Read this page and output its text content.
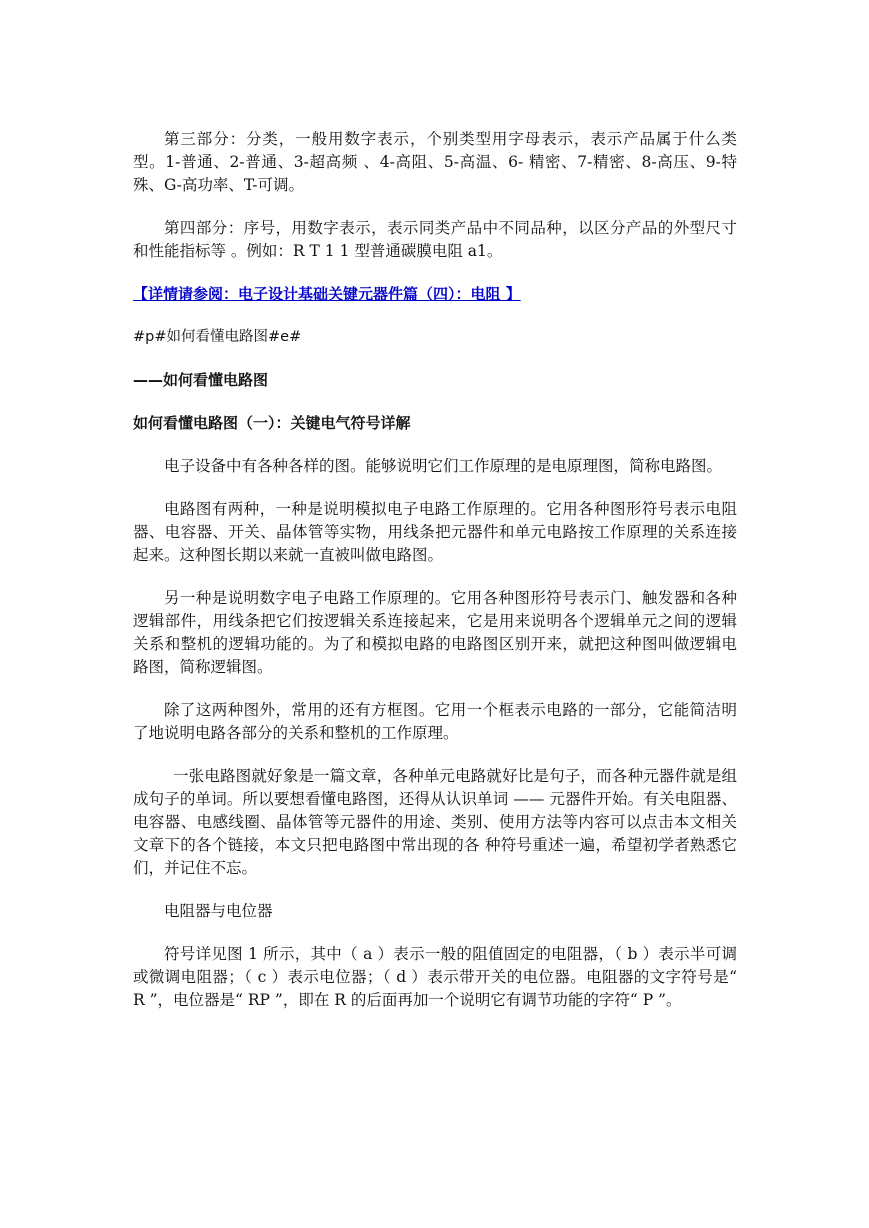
第三部分：分类，一般用数字表示，个别类型用字母表示，表示产品属于什么类型。1-普通、2-普通、3-超高频 、4-高阻、5-高温、6- 精密、7-精密、8-高压、9-特殊、G-高功率、T-可调。

第四部分：序号，用数字表示，表示同类产品中不同品种，以区分产品的外型尺寸和性能指标等 。例如：R T 1 1 型普通碳膜电阻 a1。

【详情请参阅：电子设计基础关键元器件篇（四）：电阻 】

#p#如何看懂电路图#e#

——如何看懂电路图

如何看懂电路图（一）：关键电气符号详解

电子设备中有各种各样的图。能够说明它们工作原理的是电原理图，简称电路图。

电路图有两种，一种是说明模拟电子电路工作原理的。它用各种图形符号表示电阻器、电容器、开关、晶体管等实物，用线条把元器件和单元电路按工作原理的关系连接起来。这种图长期以来就一直被叫做电路图。

另一种是说明数字电子电路工作原理的。它用各种图形符号表示门、触发器和各种逻辑部件，用线条把它们按逻辑关系连接起来，它是用来说明各个逻辑单元之间的逻辑关系和整机的逻辑功能的。为了和模拟电路的电路图区别开来，就把这种图叫做逻辑电路图，简称逻辑图。

除了这两种图外，常用的还有方框图。它用一个框表示电路的一部分，它能简洁明了地说明电路各部分的关系和整机的工作原理。

一张电路图就好象是一篇文章，各种单元电路就好比是句子，而各种元器件就是组成句子的单词。所以要想看懂电路图，还得从认识单词 —— 元器件开始。有关电阻器、电容器、电感线圈、晶体管等元器件的用途、类别、使用方法等内容可以点击本文相关文章下的各个链接，本文只把电路图中常出现的各 种符号重述一遍，希望初学者熟悉它们，并记住不忘。

电阻器与电位器

符号详见图 1 所示，其中（ a ）表示一般的阻值固定的电阻器，（ b ）表示半可调或微调电阻器；（ c ）表示电位器；（ d ）表示带开关的电位器。电阻器的文字符号是“ R ”，电位器是“ RP ”，即在 R 的后面再加一个说明它有调节功能的字符“ P ”。
